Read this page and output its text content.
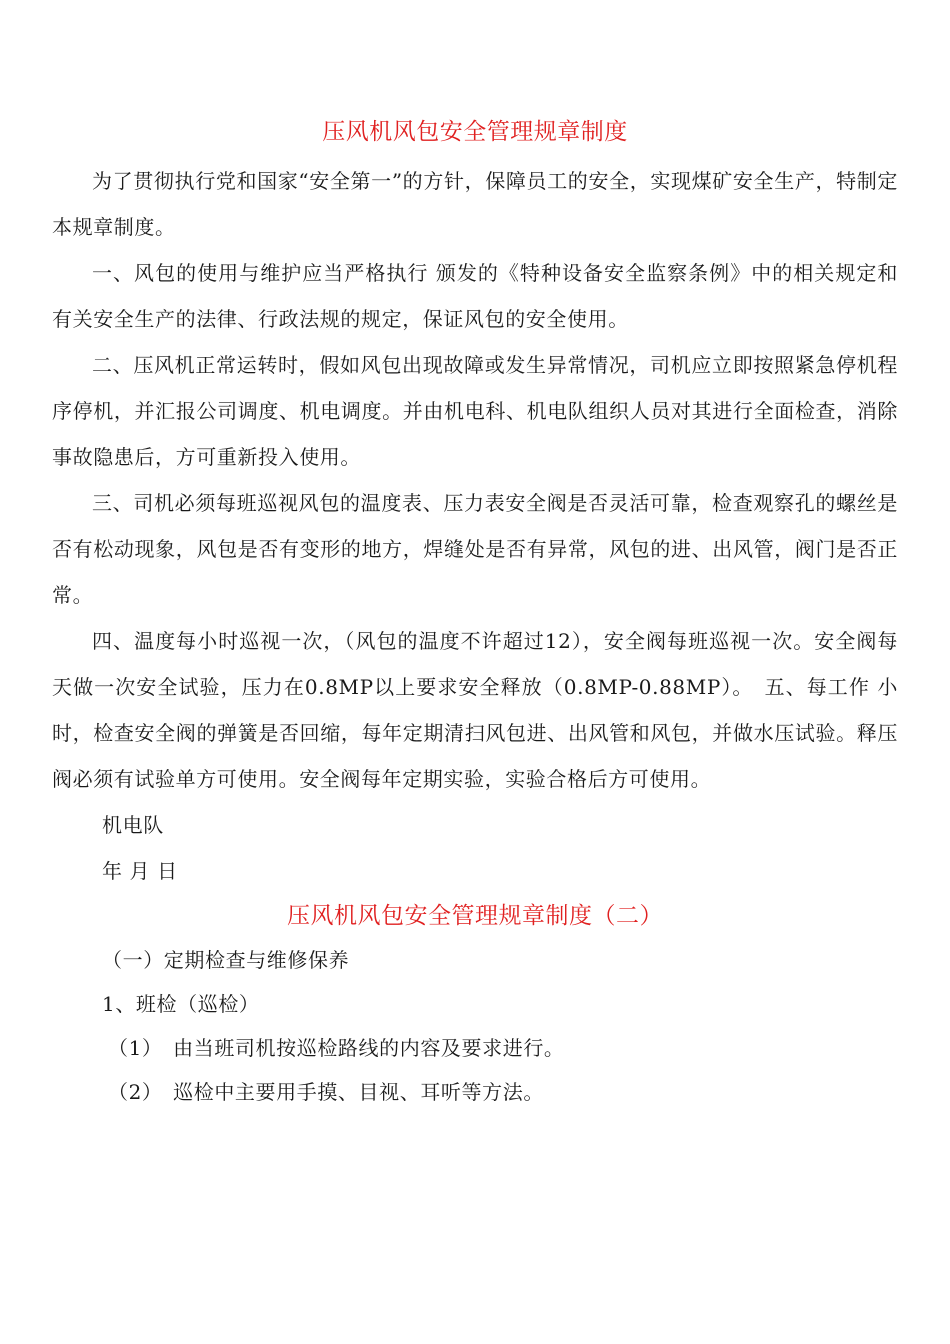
压风机风包安全管理规章制度

为了贯彻执行党和国家“安全第一”的方针，保障员工的安全，实现煤矿安全生产，特制定本规章制度。

一、风包的使用与维护应当严格执行 颁发的《特种设备安全监察条例》中的相关规定和有关安全生产的法律、行政法规的规定，保证风包的安全使用。

二、压风机正常运转时，假如风包出现故障或发生异常情况，司机应立即按照紧急停机程序停机，并汇报公司调度、机电调度。并由机电科、机电队组织人员对其进行全面检查，消除事故隐患后，方可重新投入使用。

三、司机必须每班巡视风包的温度表、压力表安全阀是否灵活可靠，检查观察孔的螺丝是否有松动现象，风包是否有变形的地方，焊缝处是否有异常，风包的进、出风管，阀门是否正常。

四、温度每小时巡视一次，（风包的温度不许超过12），安全阀每班巡视一次。安全阀每天做一次安全试验，压力在0.8MP以上要求安全释放（0.8MP-0.88MP）。　五、每工作 小时，检查安全阀的弹簧是否回缩，每年定期清扫风包进、出风管和风包，并做水压试验。释压阀必须有试验单方可使用。安全阀每年定期实验，实验合格后方可使用。

机电队

年 月 日

压风机风包安全管理规章制度（二）

（一）定期检查与维修保养

1、班检（巡检）

（1）　由当班司机按巡检路线的内容及要求进行。

（2）　巡检中主要用手摸、目视、耳听等方法。
